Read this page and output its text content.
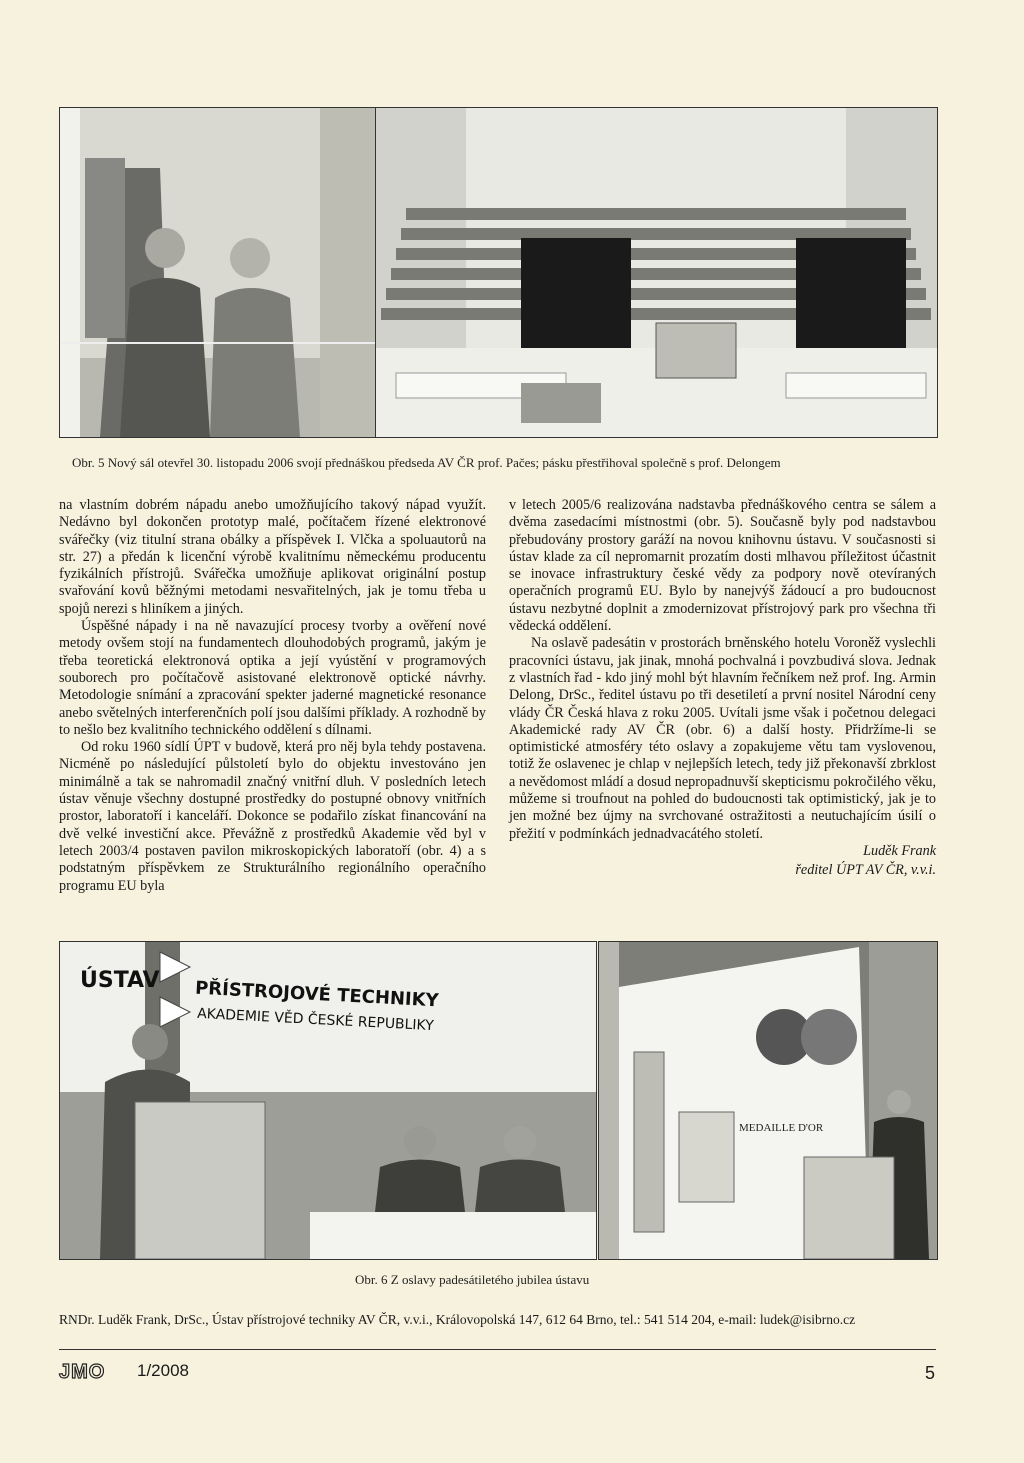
Obr. 5 Nový sál otevřel 30. listopadu 2006 svojí přednáškou předseda AV ČR prof. Pačes; pásku přestřihoval společně s prof. Delongem

na vlastním dobrém nápadu anebo umožňujícího takový nápad využít. Nedávno byl dokončen prototyp malé, počítačem řízené elektronové svářečky (viz titulní strana obálky a příspěvek I. Vlčka a spoluautorů na str. 27) a předán k licenční výrobě kvalitnímu německému producentu fyzikálních přístrojů. Svářečka umožňuje aplikovat originální postup svařování kovů běžnými metodami nesvařitelných, jak je tomu třeba u spojů nerezi s hliníkem a jiných.

Úspěšné nápady i na ně navazující procesy tvorby a ověření nové metody ovšem stojí na fundamentech dlouhodobých programů, jakým je třeba teoretická elektronová optika a její vyústění v programových souborech pro počítačově asistované elektronově optické návrhy. Metodologie snímání a zpracování spekter jaderné magnetické resonance anebo světelných interferenčních polí jsou dalšími příklady. A rozhodně by to nešlo bez kvalitního technického oddělení s dílnami.

Od roku 1960 sídlí ÚPT v budově, která pro něj byla tehdy postavena. Nicméně po následující půlstoletí bylo do objektu investováno jen minimálně a tak se nahromadil značný vnitřní dluh. V posledních letech ústav věnuje všechny dostupné prostředky do postupné obnovy vnitřních prostor, laboratoří i kanceláří. Dokonce se podařilo získat financování na dvě velké investiční akce. Převážně z prostředků Akademie věd byl v letech 2003/4 postaven pavilon mikroskopických laboratoří (obr. 4) a s podstatným příspěvkem ze Strukturálního regionálního operačního programu EU byla

v letech 2005/6 realizována nadstavba přednáškového centra se sálem a dvěma zasedacími místnostmi (obr. 5). Současně byly pod nadstavbou přebudovány prostory garáží na novou knihovnu ústavu. V současnosti si ústav klade za cíl nepromarnit prozatím dosti mlhavou příležitost účastnit se inovace infrastruktury české vědy za podpory nově otevíraných operačních programů EU. Bylo by nanejvýš žádoucí a pro budoucnost ústavu nezbytné doplnit a zmodernizovat přístrojový park pro všechna tři vědecká oddělení.

Na oslavě padesátin v prostorách brněnského hotelu Voroněž vyslechli pracovníci ústavu, jak jinak, mnohá pochvalná i povzbudivá slova. Jednak z vlastních řad - kdo jiný mohl být hlavním řečníkem než prof. Ing. Armin Delong, DrSc., ředitel ústavu po tři desetiletí a první nositel Národní ceny vlády ČR Česká hlava z roku 2005. Uvítali jsme však i početnou delegaci Akademické rady AV ČR (obr. 6) a další hosty. Přidržíme-li se optimistické atmosféry této oslavy a zopakujeme větu tam vyslovenou, totiž že oslavenec je chlap v nejlepších letech, tedy již překonavší zbrklost a nevědomost mládí a dosud nepropadnuvší skepticismu pokročilého věku, můžeme si troufnout na pohled do budoucnosti tak optimistický, jak je to jen možné bez újmy na svrchované ostražitosti a neutuchajícím úsilí o přežití v podmínkách jednadvacátého století.

Luděk Frank
ředitel ÚPT AV ČR, v.v.i.
ÚSTAV PŘÍSTROJOVÉ TECHNIKY
AKADEMIE VĚD ČESKÉ REPUBLIKY
MEDAILLE D'OR
Obr. 6 Z oslavy padesátiletého jubilea ústavu
RNDr. Luděk Frank, DrSc., Ústav přístrojové techniky AV ČR, v.v.i., Královopolská 147, 612 64 Brno, tel.: 541 514 204, e-mail: ludek@isibrno.cz
JMO 1/2008	5
